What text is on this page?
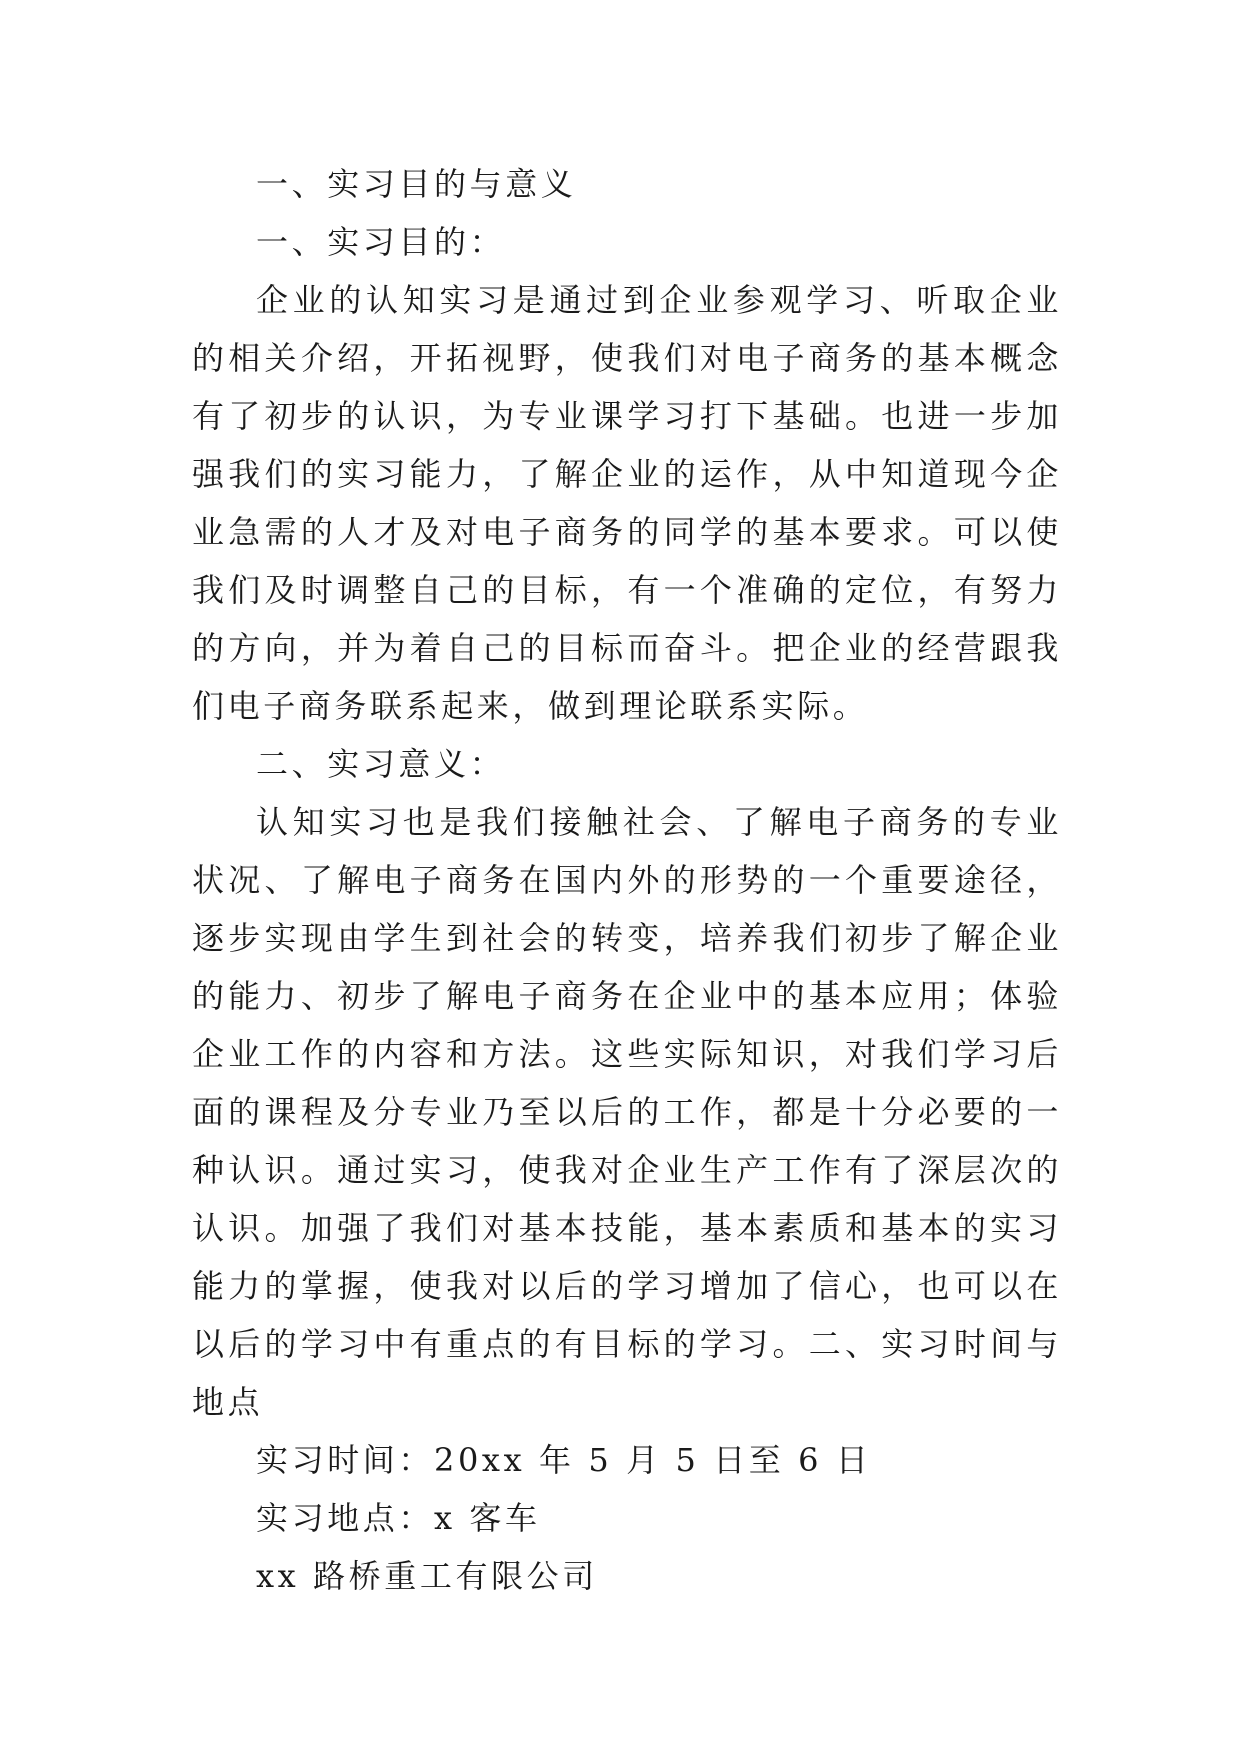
一、实习目的与意义

一、实习目的：

企业的认知实习是通过到企业参观学习、听取企业的相关介绍，开拓视野，使我们对电子商务的基本概念有了初步的认识，为专业课学习打下基础。也进一步加强我们的实习能力，了解企业的运作，从中知道现今企业急需的人才及对电子商务的同学的基本要求。可以使我们及时调整自己的目标，有一个准确的定位，有努力的方向，并为着自己的目标而奋斗。把企业的经营跟我们电子商务联系起来，做到理论联系实际。

二、实习意义：

认知实习也是我们接触社会、了解电子商务的专业状况、了解电子商务在国内外的形势的一个重要途径，逐步实现由学生到社会的转变，培养我们初步了解企业的能力、初步了解电子商务在企业中的基本应用；体验企业工作的内容和方法。这些实际知识，对我们学习后面的课程及分专业乃至以后的工作，都是十分必要的一种认识。通过实习，使我对企业生产工作有了深层次的认识。加强了我们对基本技能，基本素质和基本的实习能力的掌握，使我对以后的学习增加了信心，也可以在以后的学习中有重点的有目标的学习。二、实习时间与地点

实习时间：20xx 年 5 月 5 日至 6 日

实习地点：x 客车

xx 路桥重工有限公司
